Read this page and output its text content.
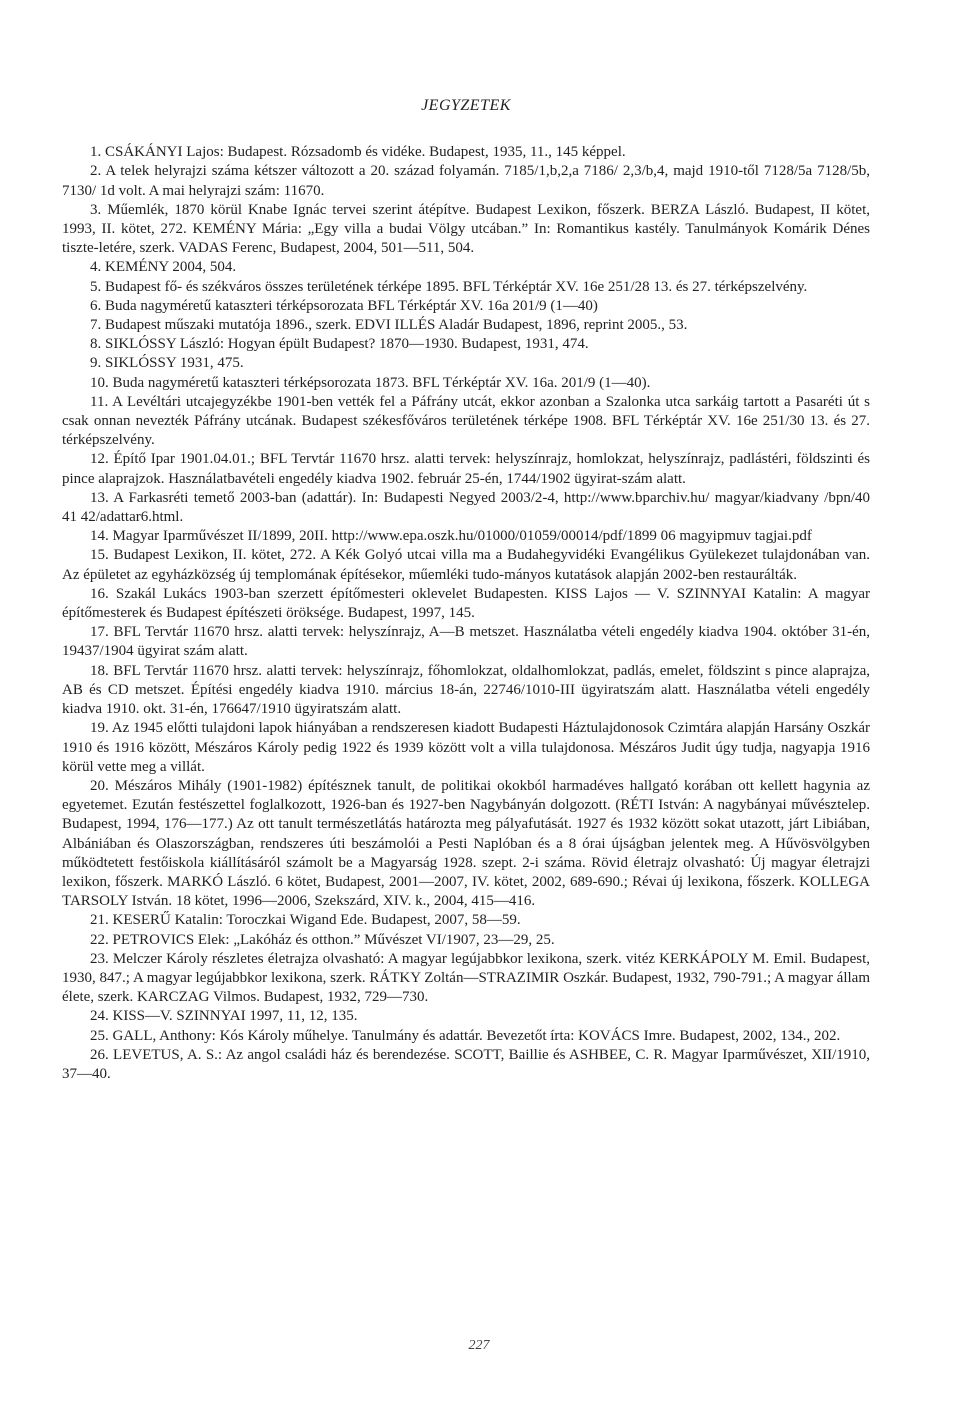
JEGYZETEK

1. CSÁKÁNYI Lajos: Budapest. Rózsadomb és vidéke. Budapest, 1935, 11., 145 képpel.

2. A telek helyrajzi száma kétszer változott a 20. század folyamán. 7185/1,b,2,a 7186/ 2,3/b,4, majd 1910-től 7128/5a 7128/5b, 7130/ 1d volt. A mai helyrajzi szám: 11670.

3. Műemlék, 1870 körül Knabe Ignác tervei szerint átépítve. Budapest Lexikon, főszerk. BERZA László. Budapest, II kötet, 1993, II. kötet, 272. KEMÉNY Mária: „Egy villa a budai Völgy utcában.” In: Romantikus kastély. Tanulmányok Komárik Dénes tiszte-letére, szerk. VADAS Ferenc, Budapest, 2004, 501—511, 504.

4. KEMÉNY 2004, 504.

5. Budapest fő- és székváros összes területének térképe 1895. BFL Térképtár XV. 16e 251/28 13. és 27. térképszelvény.

6. Buda nagyméretű kataszteri térképsorozata BFL Térképtár XV. 16a 201/9 (1—40)

7. Budapest műszaki mutatója 1896., szerk. EDVI ILLÉS Aladár Budapest, 1896, reprint 2005., 53.

8. SIKLÓSSY László: Hogyan épült Budapest? 1870—1930. Budapest, 1931, 474.

9. SIKLÓSSY 1931, 475.

10. Buda nagyméretű kataszteri térképsorozata 1873. BFL Térképtár XV. 16a. 201/9 (1—40).

11. A Levéltári utcajegyzékbe 1901-ben vették fel a Páfrány utcát, ekkor azonban a Szalonka utca sarkáig tartott a Pasaréti út s csak onnan nevezték Páfrány utcának. Budapest székesfőváros területének térképe 1908. BFL Térképtár XV. 16e 251/30 13. és 27. térképszelvény.

12. Építő Ipar 1901.04.01.; BFL Tervtár 11670 hrsz. alatti tervek: helyszínrajz, homlokzat, helyszínrajz, padlástéri, földszinti és pince alaprajzok. Használatbavételi engedély kiadva 1902. február 25-én, 1744/1902 ügyirat-szám alatt.

13. A Farkasréti temető 2003-ban (adattár). In: Budapesti Negyed 2003/2-4, http://www.bparchiv.hu/ magyar/kiadvany /bpn/40 41 42/adattar6.html.

14. Magyar Iparművészet II/1899, 20II. http://www.epa.oszk.hu/01000/01059/00014/pdf/1899 06 magyipmuv tagjai.pdf

15. Budapest Lexikon, II. kötet, 272. A Kék Golyó utcai villa ma a Budahegyvidéki Evangélikus Gyülekezet tulajdonában van. Az épületet az egyházközség új templomának építésekor, műemléki tudo-mányos kutatások alapján 2002-ben restaurálták.

16. Szakál Lukács 1903-ban szerzett építőmesteri oklevelet Budapesten. KISS Lajos — V. SZINNYAI Katalin: A magyar építőmesterek és Budapest építészeti öröksége. Budapest, 1997, 145.

17. BFL Tervtár 11670 hrsz. alatti tervek: helyszínrajz, A—B metszet. Használatba vételi engedély kiadva 1904. október 31-én, 19437/1904 ügyirat szám alatt.

18. BFL Tervtár 11670 hrsz. alatti tervek: helyszínrajz, főhomlokzat, oldalhomlokzat, padlás, emelet, földszint s pince alaprajza, AB és CD metszet. Építési engedély kiadva 1910. március 18-án, 22746/1010-III ügyiratszám alatt. Használatba vételi engedély kiadva 1910. okt. 31-én, 176647/1910 ügyiratszám alatt.

19. Az 1945 előtti tulajdoni lapok hiányában a rendszeresen kiadott Budapesti Háztulajdonosok Czimtára alapján Harsány Oszkár 1910 és 1916 között, Mészáros Károly pedig 1922 és 1939 között volt a villa tulajdonosa. Mészáros Judit úgy tudja, nagyapja 1916 körül vette meg a villát.

20. Mészáros Mihály (1901-1982) építésznek tanult, de politikai okokból harmadéves hallgató korában ott kellett hagynia az egyetemet. Ezután festészettel foglalkozott, 1926-ban és 1927-ben Nagybányán dolgozott. (RÉTI István: A nagybányai művésztelep. Budapest, 1994, 176—177.) Az ott tanult természetlátás határozta meg pályafutását. 1927 és 1932 között sokat utazott, járt Libiában, Albániában és Olaszországban, rendszeres úti beszámolói a Pesti Naplóban és a 8 órai újságban jelentek meg. A Hűvösvölgyben működtetett festőiskola kiállításáról számolt be a Magyarság 1928. szept. 2-i száma. Rövid életrajz olvasható: Új magyar életrajzi lexikon, főszerk. MARKÓ László. 6 kötet, Budapest, 2001—2007, IV. kötet, 2002, 689-690.; Révai új lexikona, főszerk. KOLLEGA TARSOLY István. 18 kötet, 1996—2006, Szekszárd, XIV. k., 2004, 415—416.

21. KESERŰ Katalin: Toroczkai Wigand Ede. Budapest, 2007, 58—59.

22. PETROVICS Elek: „Lakóház és otthon.” Művészet VI/1907, 23—29, 25.

23. Melczer Károly részletes életrajza olvasható: A magyar legújabbkor lexikona, szerk. vitéz KERKÁPOLY M. Emil. Budapest, 1930, 847.; A magyar legújabbkor lexikona, szerk. RÁTKY Zoltán—STRAZIMIR Oszkár. Budapest, 1932, 790-791.; A magyar állam élete, szerk. KARCZAG Vilmos. Budapest, 1932, 729—730.

24. KISS—V. SZINNYAI 1997, 11, 12, 135.

25. GALL, Anthony: Kós Károly műhelye. Tanulmány és adattár. Bevezetőt írta: KOVÁCS Imre. Budapest, 2002, 134., 202.

26. LEVETUS, A. S.: Az angol családi ház és berendezése. SCOTT, Baillie és ASHBEE, C. R. Magyar Iparművészet, XII/1910, 37—40.

227
